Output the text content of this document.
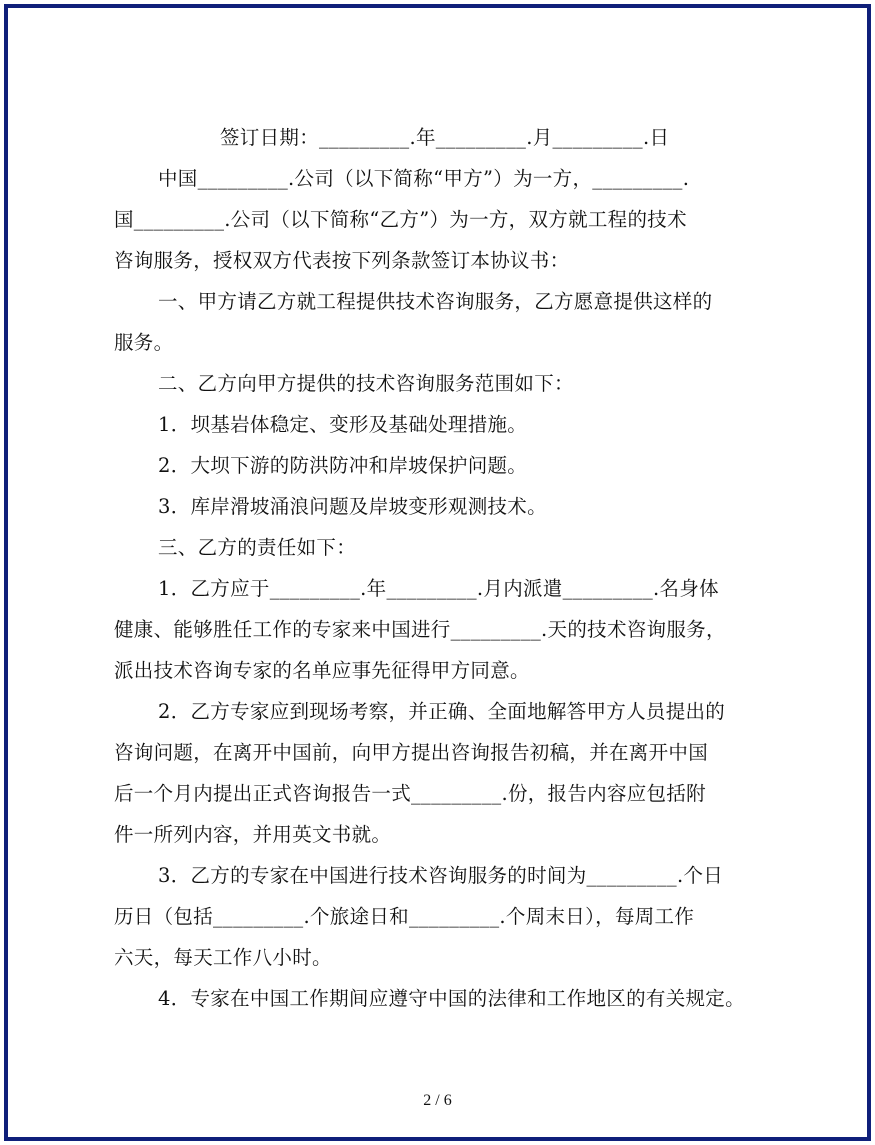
签订日期：_________.年_________.月_________.日
中国_________.公司（以下简称“甲方”）为一方，_________.
国_________.公司（以下简称“乙方”）为一方，双方就工程的技术
咨询服务，授权双方代表按下列条款签订本协议书：
一、甲方请乙方就工程提供技术咨询服务，乙方愿意提供这样的
服务。
二、乙方向甲方提供的技术咨询服务范围如下：
1．坝基岩体稳定、变形及基础处理措施。
2．大坝下游的防洪防冲和岸坡保护问题。
3．库岸滑坡涌浪问题及岸坡变形观测技术。
三、乙方的责任如下：
1．乙方应于_________.年_________.月内派遣_________.名身体
健康、能够胜任工作的专家来中国进行_________.天的技术咨询服务，
派出技术咨询专家的名单应事先征得甲方同意。
2．乙方专家应到现场考察，并正确、全面地解答甲方人员提出的
咨询问题，在离开中国前，向甲方提出咨询报告初稿，并在离开中国
后一个月内提出正式咨询报告一式_________.份，报告内容应包括附
件一所列内容，并用英文书就。
3．乙方的专家在中国进行技术咨询服务的时间为_________.个日
历日（包括_________.个旅途日和_________.个周末日），每周工作
六天，每天工作八小时。
4．专家在中国工作期间应遵守中国的法律和工作地区的有关规定。
2 / 6
